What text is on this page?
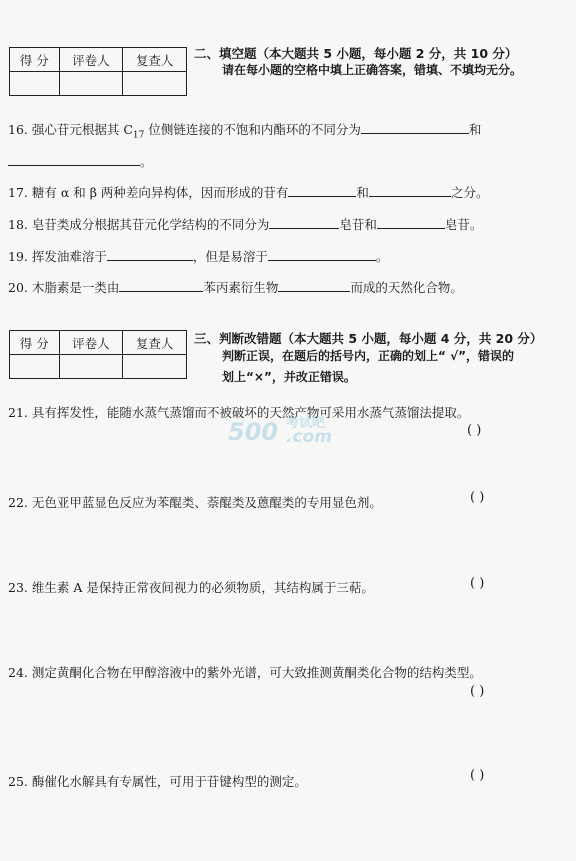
500 考试吧
.com
得 分	评卷人	复查人
		二、填空题（本大题共 5 小题，每小题 2 分，共 10 分）
请在每小题的空格中填上正确答案，错填、不填均无分。
16. 强心苷元根据其 $C_{17}$ 位侧链连接的不饱和内酯环的不同分为	和
。
17. 糖有 α 和 β 两种差向异构体，因而形成的苷有	和	之分。
18. 皂苷类成分根据其苷元化学结构的不同分为	皂苷和	皂苷。
19. 挥发油难溶于	，但是易溶于	。
20. 木脂素是一类由	苯丙素衍生物	而成的天然化合物。
得 分	评卷人	复查人
		三、判断改错题（本大题共 5 小题，每小题 4 分，共 20 分）
判断正误，在题后的括号内，正确的划上“ √”，错误的
划上“×”，并改正错误。
21. 具有挥发性，能随水蒸气蒸馏而不被破坏的天然产物可采用水蒸气蒸馏法提取。
( )
22. 无色亚甲蓝显色反应为苯醌类、萘醌类及蒽醌类的专用显色剂。	( )
23. 维生素 A 是保持正常夜间视力的必须物质，其结构属于三萜。	( )
24. 测定黄酮化合物在甲醇溶液中的紫外光谱，可大致推测黄酮类化合物的结构类型。
( )
25. 酶催化水解具有专属性，可用于苷键构型的测定。	( )
